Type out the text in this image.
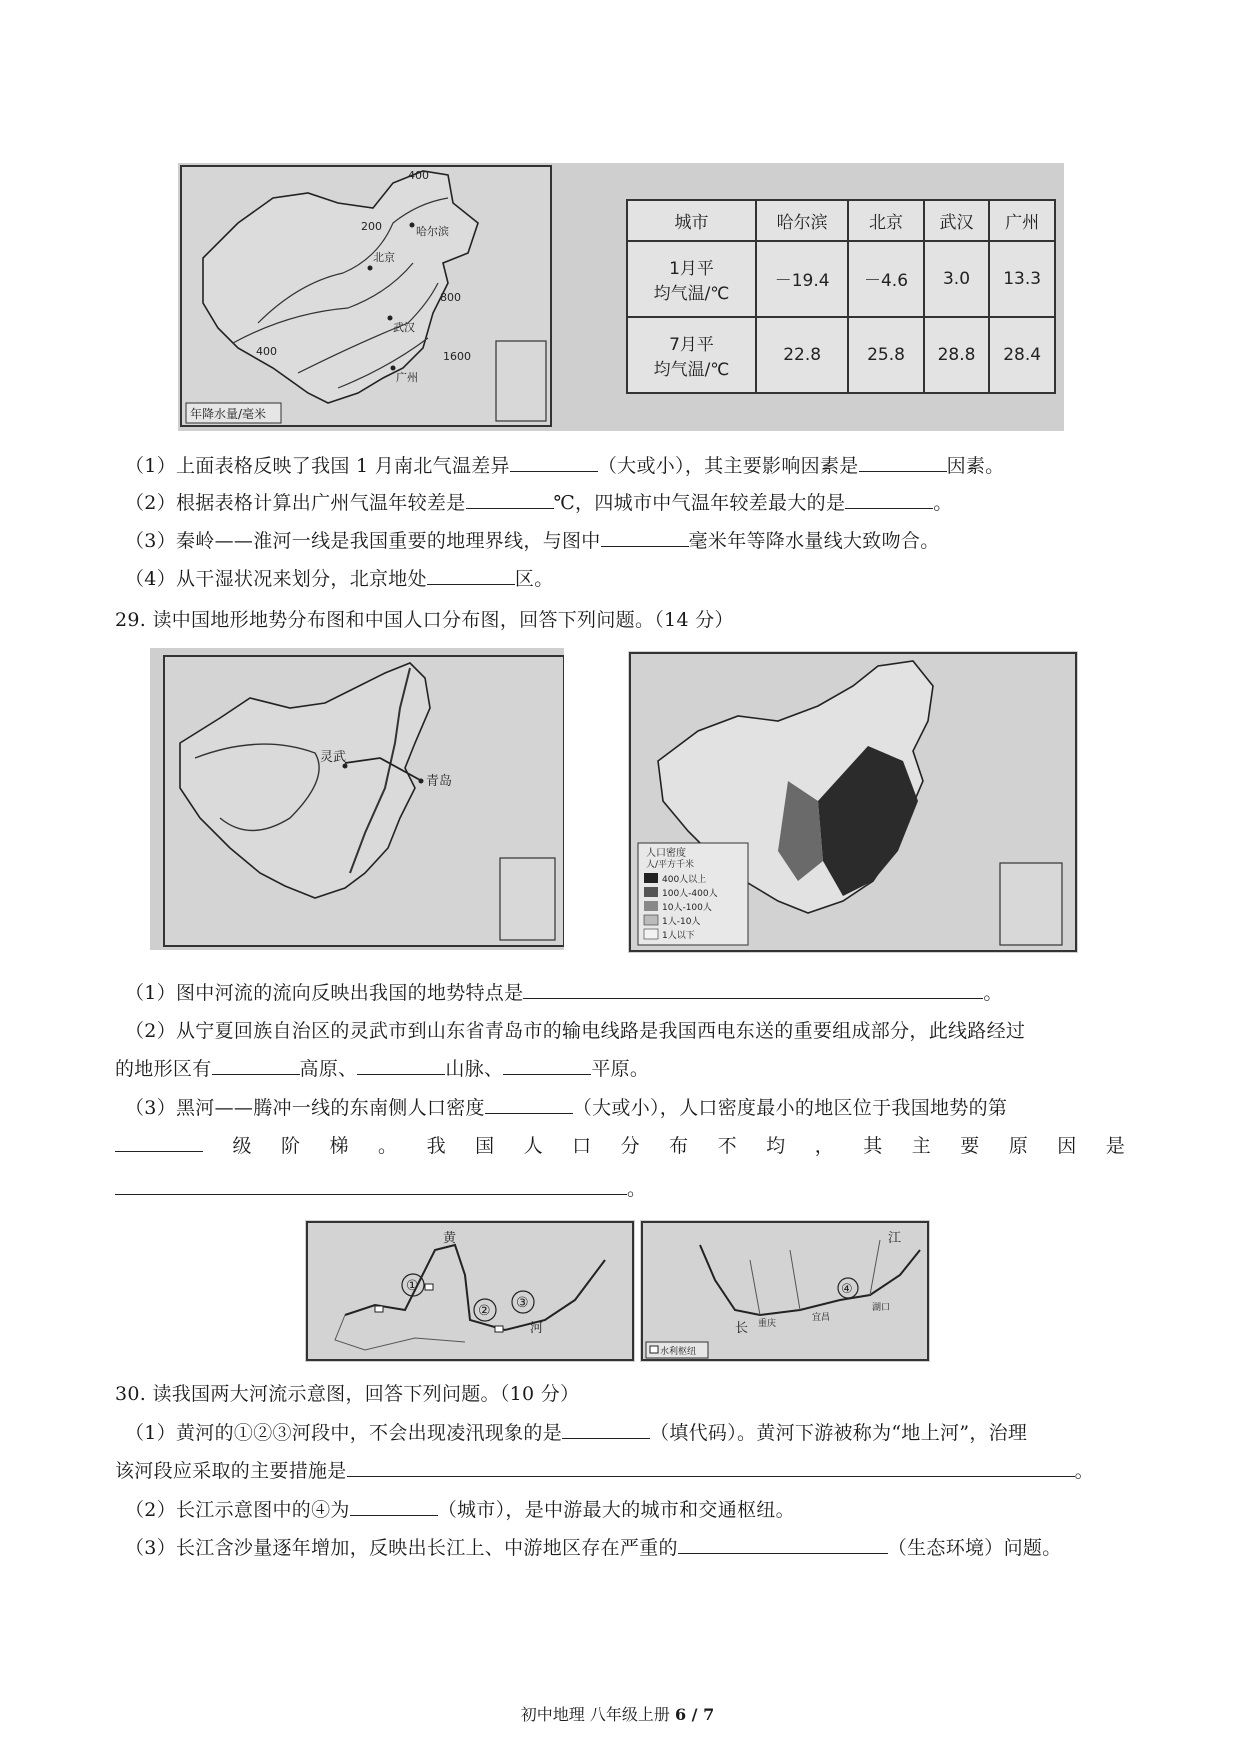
400
200
800
1600
400
哈尔滨
北京
武汉
广州
年降水量/毫米
城市	哈尔滨	北京	武汉	广州
1月平
均气温/℃	－19.4	－4.6	3.0	13.3
7月平
均气温/℃	22.8	25.8	28.8	28.4
（1）上面表格反映了我国 1 月南北气温差异	（大或小），其主要影响因素是	因素。
（2）根据表格计算出广州气温年较差是	℃，四城市中气温年较差最大的是	。
（3）秦岭——淮河一线是我国重要的地理界线，与图中	毫米年等降水量线大致吻合。
（4）从干湿状况来划分，北京地处	区。
29. 读中国地形地势分布图和中国人口分布图，回答下列问题。（14 分）
灵武
青岛
人口密度
人/平方千米
400人以上
100人-400人
10人-100人
1人-10人
1人以下
（1）图中河流的流向反映出我国的地势特点是	。
（2）从宁夏回族自治区的灵武市到山东省青岛市的输电线路是我国西电东送的重要组成部分，此线路经过
的地形区有	高原、	山脉、	平原。
（3）黑河——腾冲一线的东南侧人口密度	（大或小），人口密度最小的地区位于我国地势的第
级 阶 梯 。 我 国 人 口 分 布 不 均 ， 其 主 要 原 因 是
。
①
② ③
黄
河
④
江
长 重庆
宜昌
湖口
水利枢纽
30. 读我国两大河流示意图，回答下列问题。（10 分）
（1）黄河的①②③河段中，不会出现凌汛现象的是	（填代码）。黄河下游被称为“地上河”，治理
该河段应采取的主要措施是	。
（2）长江示意图中的④为	（城市），是中游最大的城市和交通枢纽。
（3）长江含沙量逐年增加，反映出长江上、中游地区存在严重的	（生态环境）问题。
初中地理 八年级上册 6 / 7
